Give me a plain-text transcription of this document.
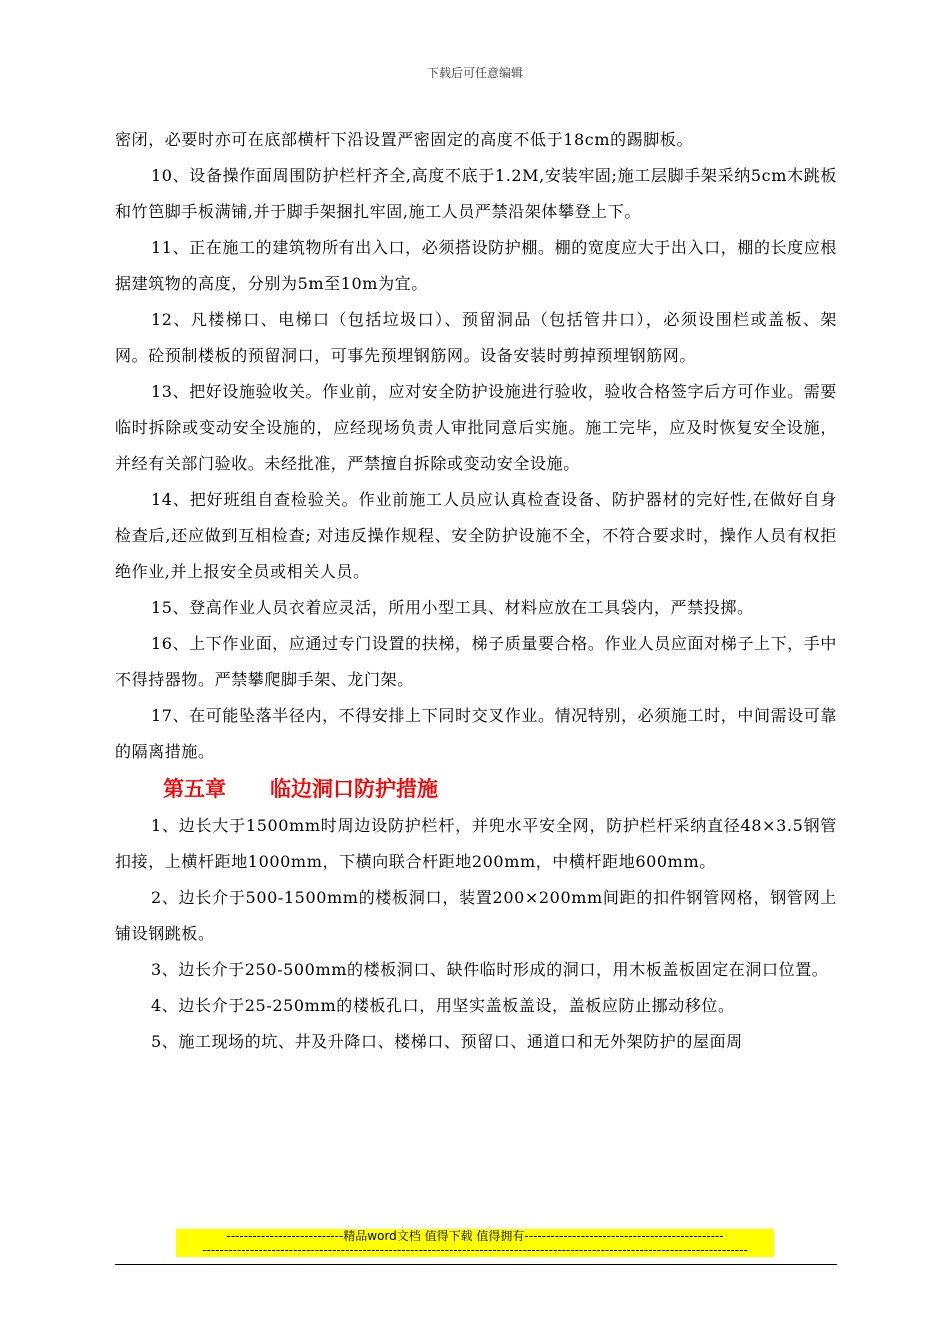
下载后可任意编辑

密闭，必要时亦可在底部横杆下沿设置严密固定的高度不低于18cm的踢脚板。

10、设备操作面周围防护栏杆齐全,高度不底于1.2M,安装牢固;施工层脚手架采纳5cm木跳板和竹笆脚手板满铺,并于脚手架捆扎牢固,施工人员严禁沿架体攀登上下。

11、正在施工的建筑物所有出入口，必须搭设防护棚。棚的宽度应大于出入口，棚的长度应根据建筑物的高度，分别为5m至10m为宜。

12、凡楼梯口、电梯口（包括垃圾口）、预留洞品（包括管井口），必须设围栏或盖板、架网。砼预制楼板的预留洞口，可事先预埋钢筋网。设备安装时剪掉预埋钢筋网。

13、把好设施验收关。作业前，应对安全防护设施进行验收，验收合格签字后方可作业。需要临时拆除或变动安全设施的，应经现场负责人审批同意后实施。施工完毕，应及时恢复安全设施，并经有关部门验收。未经批准，严禁擅自拆除或变动安全设施。

14、把好班组自查检验关。作业前施工人员应认真检查设备、防护器材的完好性,在做好自身检查后,还应做到互相检查; 对违反操作规程、安全防护设施不全，不符合要求时，操作人员有权拒绝作业,并上报安全员或相关人员。

15、登高作业人员衣着应灵活，所用小型工具、材料应放在工具袋内，严禁投掷。

16、上下作业面，应通过专门设置的扶梯，梯子质量要合格。作业人员应面对梯子上下，手中不得持器物。严禁攀爬脚手架、龙门架。

17、在可能坠落半径内，不得安排上下同时交叉作业。情况特别，必须施工时，中间需设可靠的隔离措施。

第五章 临边洞口防护措施

1、边长大于1500mm时周边设防护栏杆，并兜水平安全网，防护栏杆采纳直径48×3.5钢管扣接，上横杆距地1000mm，下横向联合杆距地200mm，中横杆距地600mm。

2、边长介于500-1500mm的楼板洞口，装置200×200mm间距的扣件钢管网格，钢管网上铺设钢跳板。

3、边长介于250-500mm的楼板洞口、缺件临时形成的洞口，用木板盖板固定在洞口位置。

4、边长介于25-250mm的楼板孔口，用坚实盖板盖设，盖板应防止挪动移位。

5、施工现场的坑、井及升降口、楼梯口、预留口、通道口和无外架防护的屋面周

---------------------------精品word文档 值得下载 值得拥有----------------------------------------------
------------------------------------------------------------------------------------------------------------------------------
